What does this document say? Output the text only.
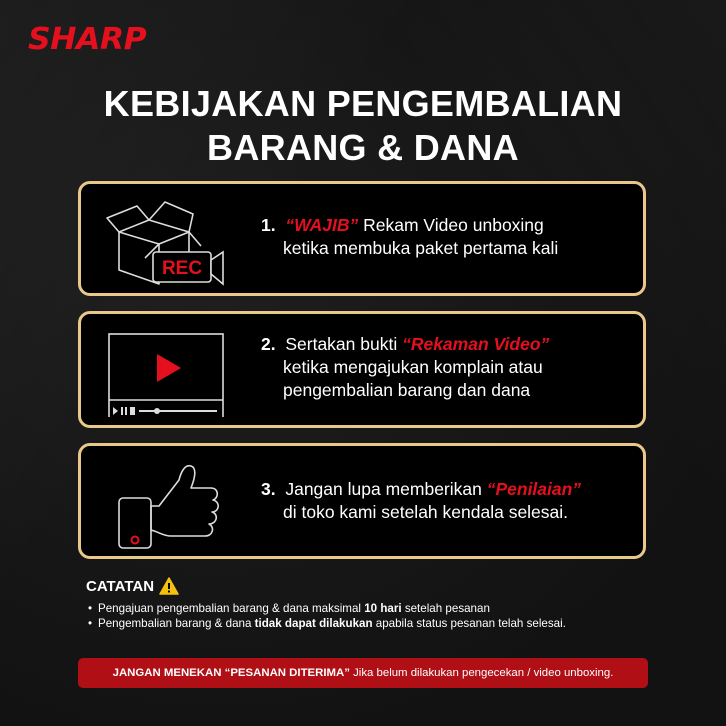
SHARP
KEBIJAKAN PENGEMBALIAN
BARANG & DANA
REC
1. “WAJIB” Rekam Video unboxing
ketika membuka paket pertama kali
2. Sertakan bukti “Rekaman Video”
ketika mengajukan komplain atau
pengembalian barang dan dana
3. Jangan lupa memberikan “Penilaian”
di toko kami setelah kendala selesai.
CATATAN
• Pengajuan pengembalian barang & dana maksimal 10 hari setelah pesanan
• Pengembalian barang & dana tidak dapat dilakukan apabila status pesanan telah selesai.
JANGAN MENEKAN “PESANAN DITERIMA” Jika belum dilakukan pengecekan / video unboxing.
